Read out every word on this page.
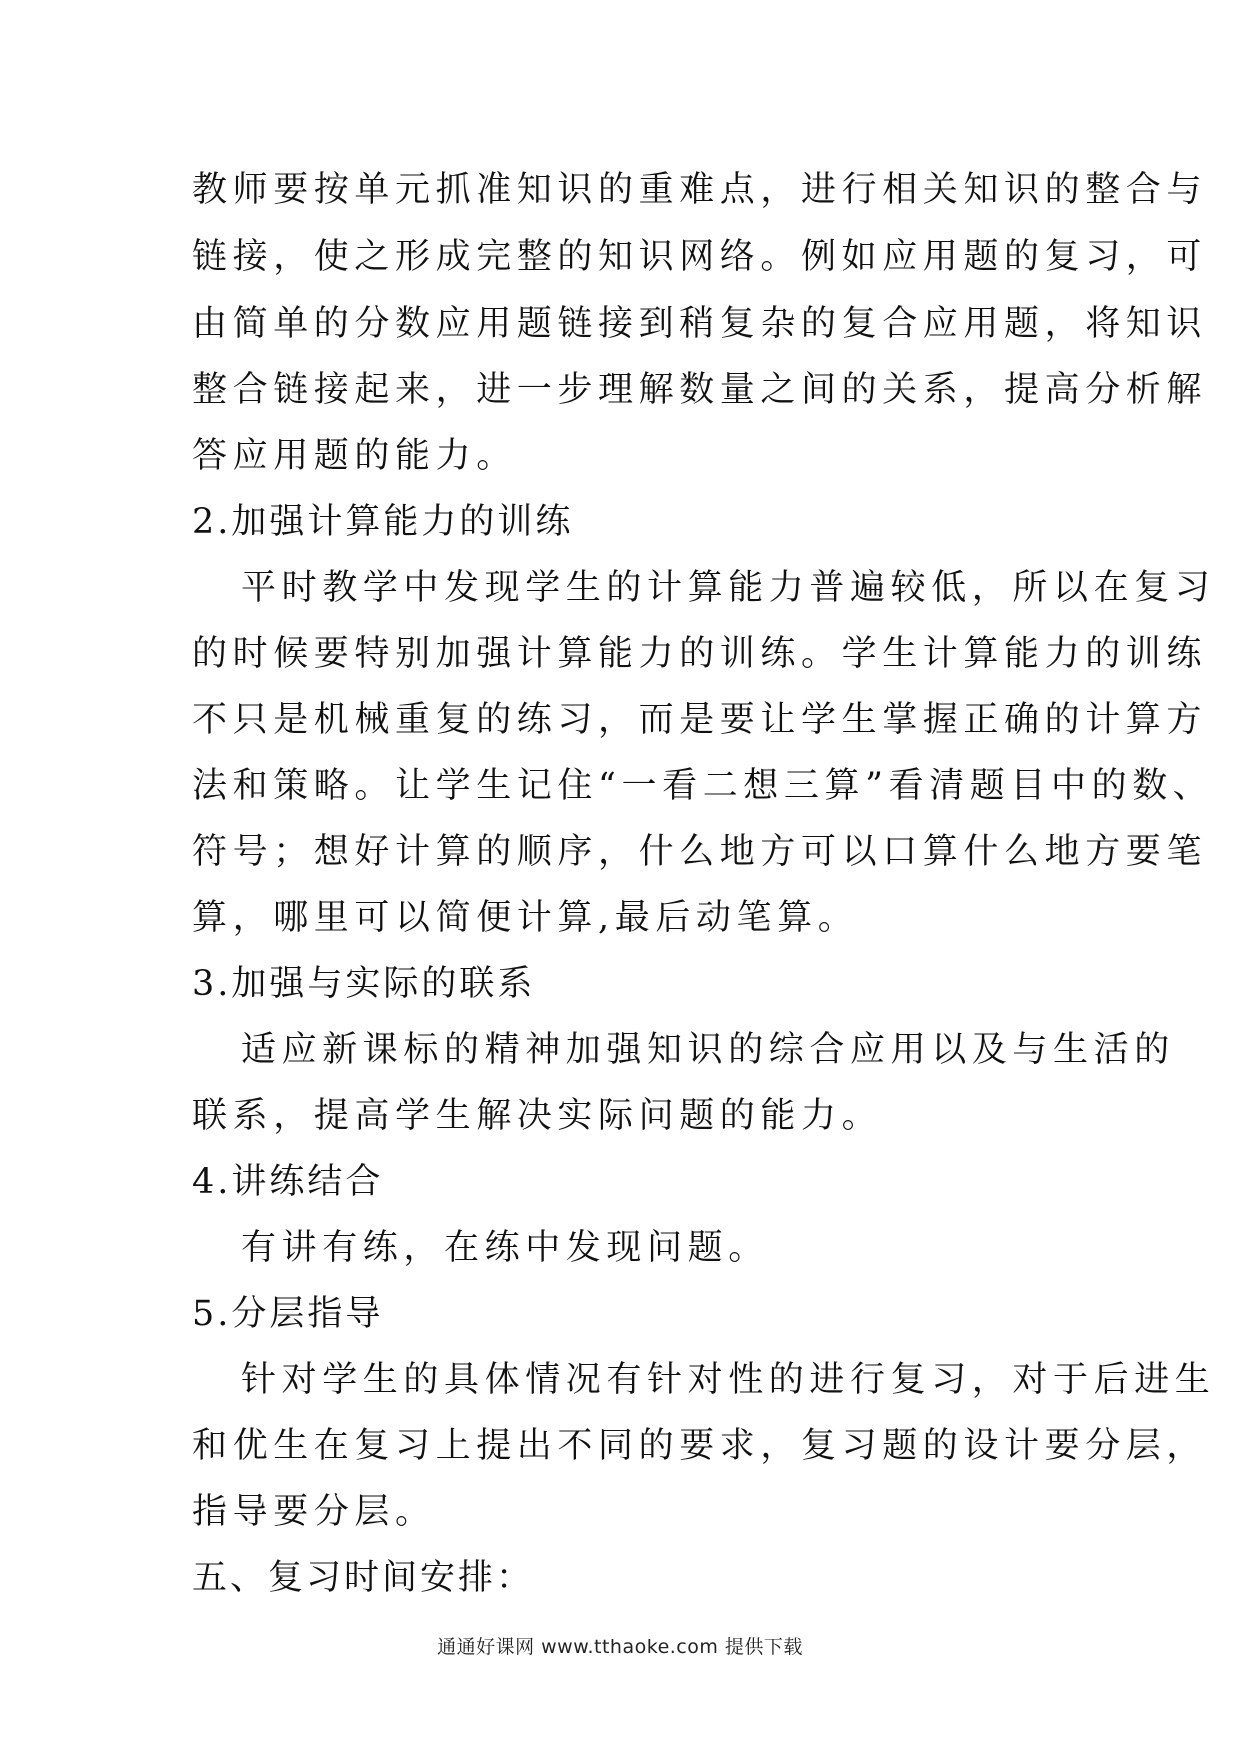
教师要按单元抓准知识的重难点，进行相关知识的整合与
链接，使之形成完整的知识网络。例如应用题的复习，可
由简单的分数应用题链接到稍复杂的复合应用题，将知识
整合链接起来，进一步理解数量之间的关系，提高分析解
答应用题的能力。
2.加强计算能力的训练
平时教学中发现学生的计算能力普遍较低，所以在复习
的时候要特别加强计算能力的训练。学生计算能力的训练
不只是机械重复的练习，而是要让学生掌握正确的计算方
法和策略。让学生记住“一看二想三算”看清题目中的数、
符号；想好计算的顺序，什么地方可以口算什么地方要笔
算，哪里可以简便计算,最后动笔算。
3.加强与实际的联系
适应新课标的精神加强知识的综合应用以及与生活的
联系，提高学生解决实际问题的能力。
4.讲练结合
有讲有练，在练中发现问题。
5.分层指导
针对学生的具体情况有针对性的进行复习，对于后进生
和优生在复习上提出不同的要求，复习题的设计要分层，
指导要分层。
五、复习时间安排：
通通好课网 www.tthaoke.com 提供下载
